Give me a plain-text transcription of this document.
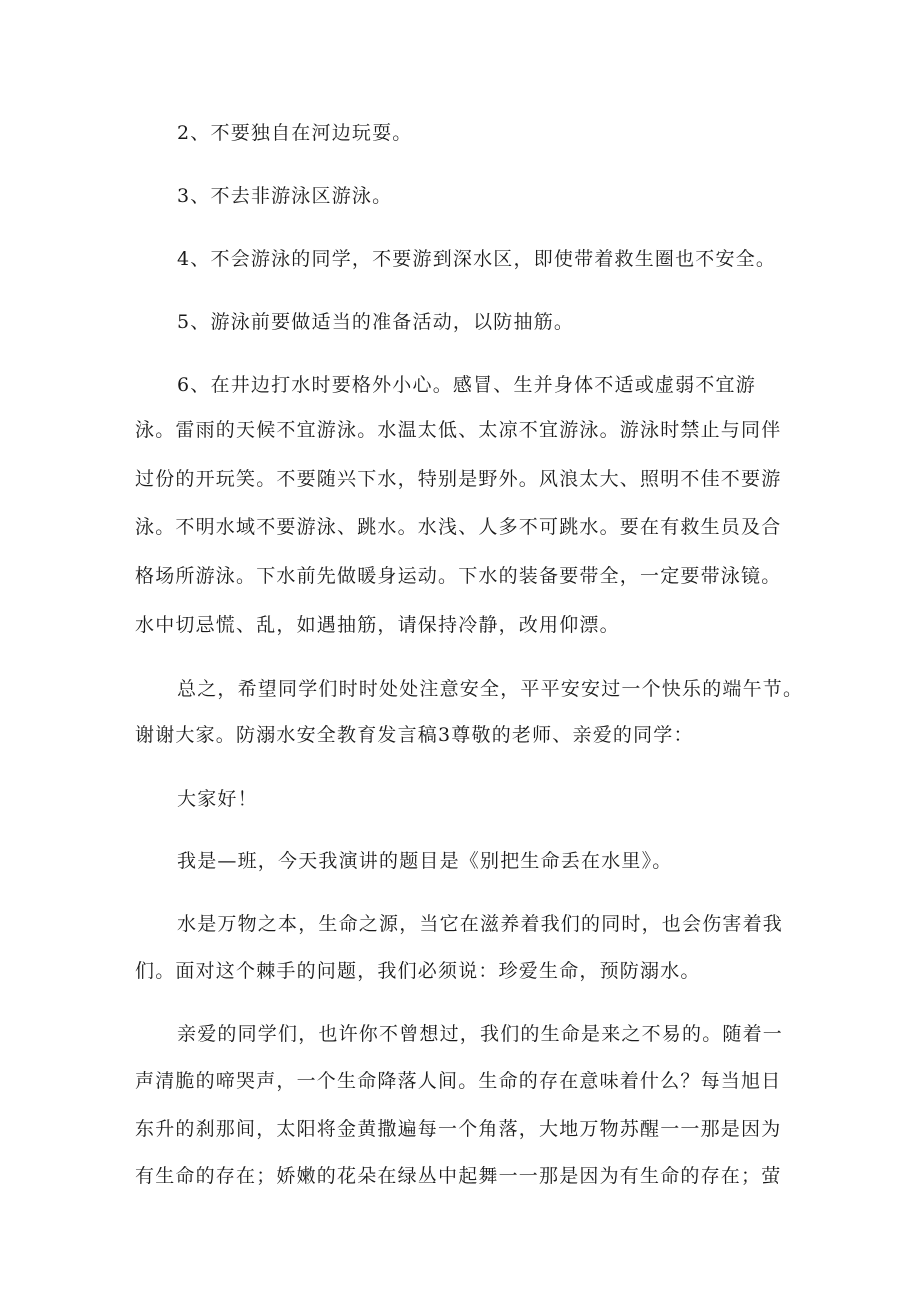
2、不要独自在河边玩耍。
3、不去非游泳区游泳。
4、不会游泳的同学，不要游到深水区，即使带着救生圈也不安全。
5、游泳前要做适当的准备活动，以防抽筋。
6、在井边打水时要格外小心。感冒、生并身体不适或虚弱不宜游
泳。雷雨的天候不宜游泳。水温太低、太凉不宜游泳。游泳时禁止与同伴
过份的开玩笑。不要随兴下水，特别是野外。风浪太大、照明不佳不要游
泳。不明水域不要游泳、跳水。水浅、人多不可跳水。要在有救生员及合
格场所游泳。下水前先做暖身运动。下水的装备要带全，一定要带泳镜。
水中切忌慌、乱，如遇抽筋，请保持冷静，改用仰漂。
总之，希望同学们时时处处注意安全，平平安安过一个快乐的端午节。
谢谢大家。防溺水安全教育发言稿3尊敬的老师、亲爱的同学：
大家好！
我是—班，今天我演讲的题目是《别把生命丢在水里》。
水是万物之本，生命之源，当它在滋养着我们的同时，也会伤害着我
们。面对这个棘手的问题，我们必须说：珍爱生命，预防溺水。
亲爱的同学们，也许你不曾想过，我们的生命是来之不易的。随着一
声清脆的啼哭声，一个生命降落人间。生命的存在意味着什么？每当旭日
东升的刹那间，太阳将金黄撒遍每一个角落，大地万物苏醒一一那是因为
有生命的存在；娇嫩的花朵在绿丛中起舞一一那是因为有生命的存在；萤
